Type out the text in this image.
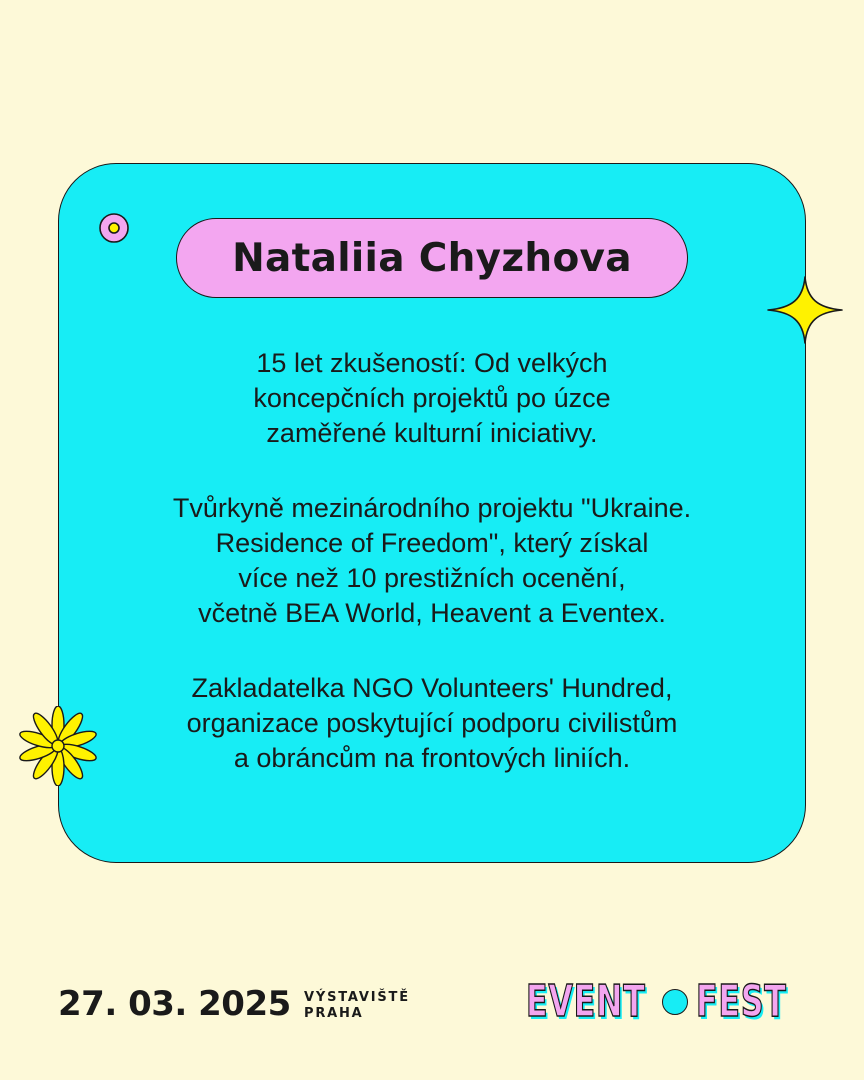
Nataliia Chyzhova

15 let zkušeností: Od velkých
koncepčních projektů po úzce
zaměřené kulturní iniciativy.

Tvůrkyně mezinárodního projektu "Ukraine.
Residence of Freedom", který získal
více než 10 prestižních ocenění,
včetně BEA World, Heavent a Eventex.

Zakladatelka NGO Volunteers' Hundred,
organizace poskytující podporu civilistům
a obráncům na frontových liniích.

27. 03. 2025 VÝSTAVIŠTĚ
PRAHA	EVENT FEST
